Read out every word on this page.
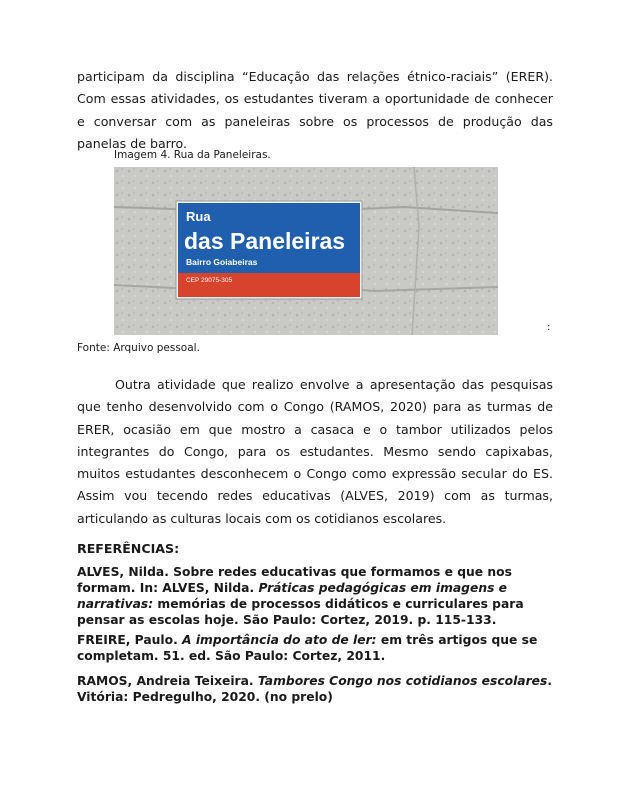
participam da disciplina “Educação das relações étnico-raciais” (ERER). Com essas atividades, os estudantes tiveram a oportunidade de conhecer e conversar com as paneleiras sobre os processos de produção das panelas de barro.

Imagem 4. Rua da Paneleiras.

Rua
das Paneleiras
Bairro Goiabeiras
CEP 29075-305
:

Fonte: Arquivo pessoal.

Outra atividade que realizo envolve a apresentação das pesquisas que tenho desenvolvido com o Congo (RAMOS, 2020) para as turmas de ERER, ocasião em que mostro a casaca e o tambor utilizados pelos integrantes do Congo, para os estudantes. Mesmo sendo capixabas, muitos estudantes desconhecem o Congo como expressão secular do ES. Assim vou tecendo redes educativas (ALVES, 2019) com as turmas, articulando as culturas locais com os cotidianos escolares.

REFERÊNCIAS:

ALVES, Nilda. Sobre redes educativas que formamos e que nos formam. In: ALVES, Nilda. Práticas pedagógicas em imagens e narrativas: memórias de processos didáticos e curriculares para pensar as escolas hoje. São Paulo: Cortez, 2019. p. 115-133.

FREIRE, Paulo. A importância do ato de ler: em três artigos que se completam. 51. ed. São Paulo: Cortez, 2011.

RAMOS, Andreia Teixeira. Tambores Congo nos cotidianos escolares. Vitória: Pedregulho, 2020. (no prelo)
